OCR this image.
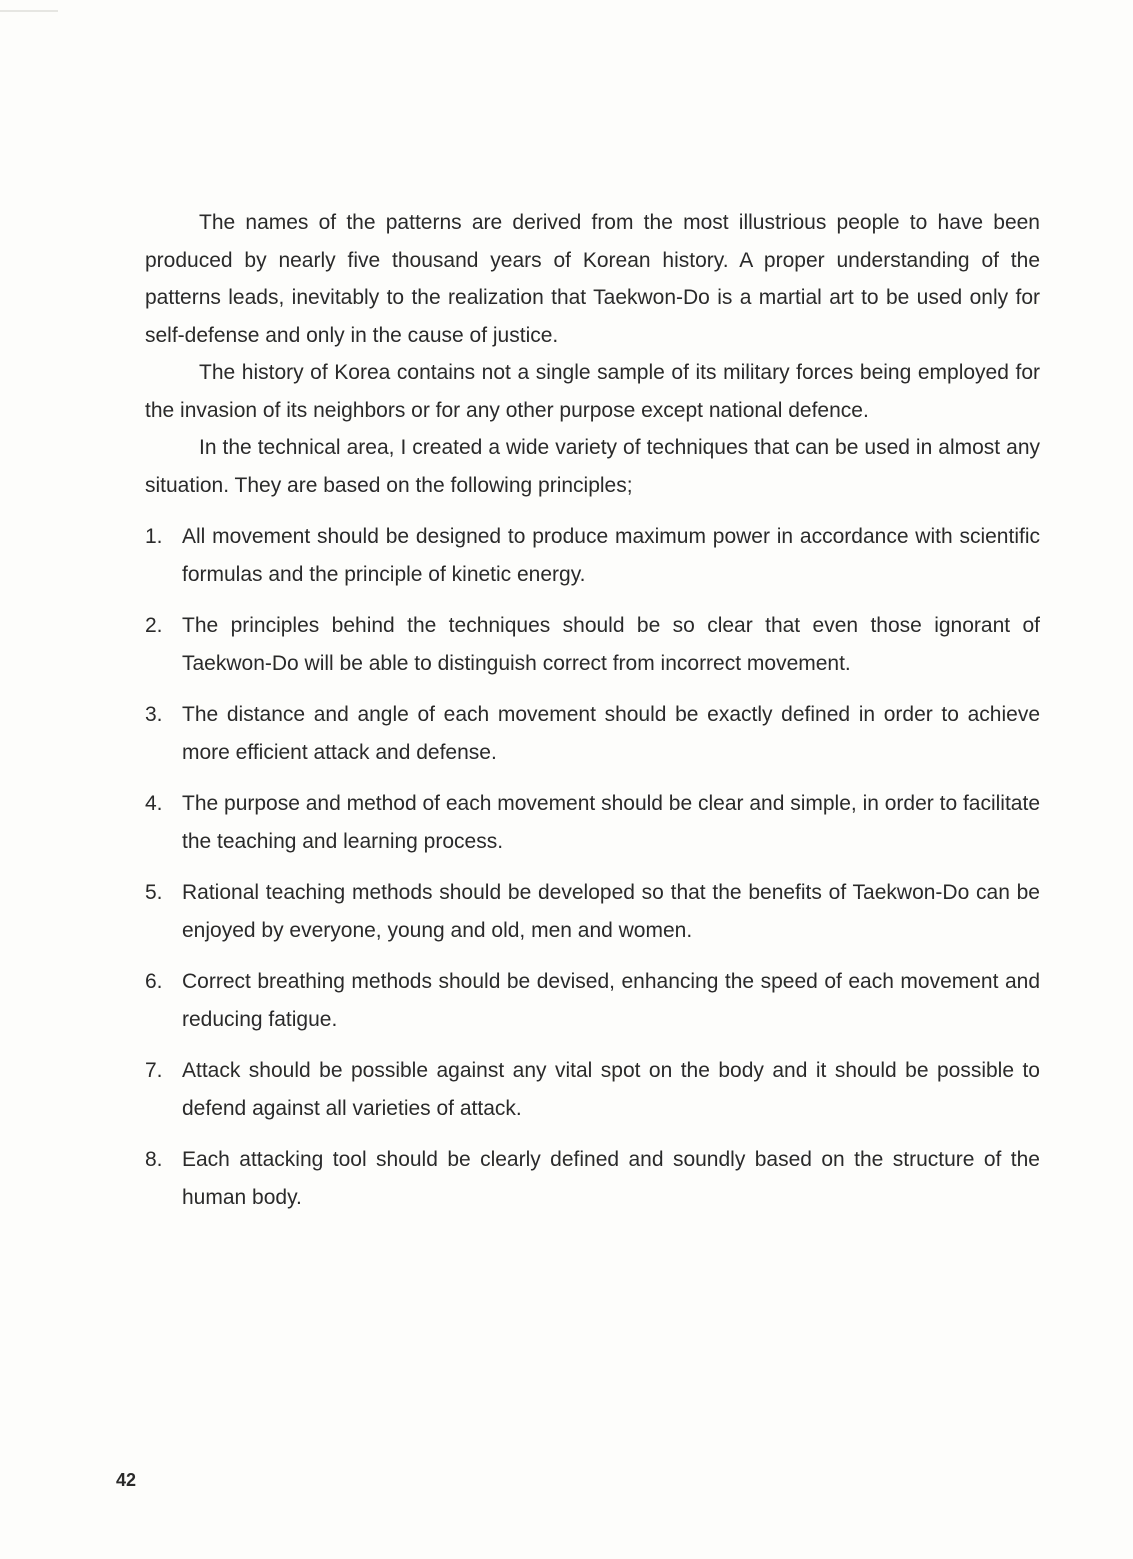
The names of the patterns are derived from the most illustrious people to have been produced by nearly five thousand years of Korean history. A proper understanding of the patterns leads, inevitably to the realization that Taekwon-Do is a martial art to be used only for self-defense and only in the cause of justice.

The history of Korea contains not a single sample of its military forces being employed for the invasion of its neighbors or for any other purpose except national defence.

In the technical area, I created a wide variety of techniques that can be used in almost any situation. They are based on the following principles;

1. All movement should be designed to produce maximum power in accordance with scientific formulas and the principle of kinetic energy.
2. The principles behind the techniques should be so clear that even those ignorant of Taekwon-Do will be able to distinguish correct from incorrect movement.
3. The distance and angle of each movement should be exactly defined in order to achieve more efficient attack and defense.
4. The purpose and method of each movement should be clear and simple, in order to facilitate the teaching and learning process.
5. Rational teaching methods should be developed so that the benefits of Taekwon-Do can be enjoyed by everyone, young and old, men and women.
6. Correct breathing methods should be devised, enhancing the speed of each movement and reducing fatigue.
7. Attack should be possible against any vital spot on the body and it should be possible to defend against all varieties of attack.
8. Each attacking tool should be clearly defined and soundly based on the structure of the human body.
42
